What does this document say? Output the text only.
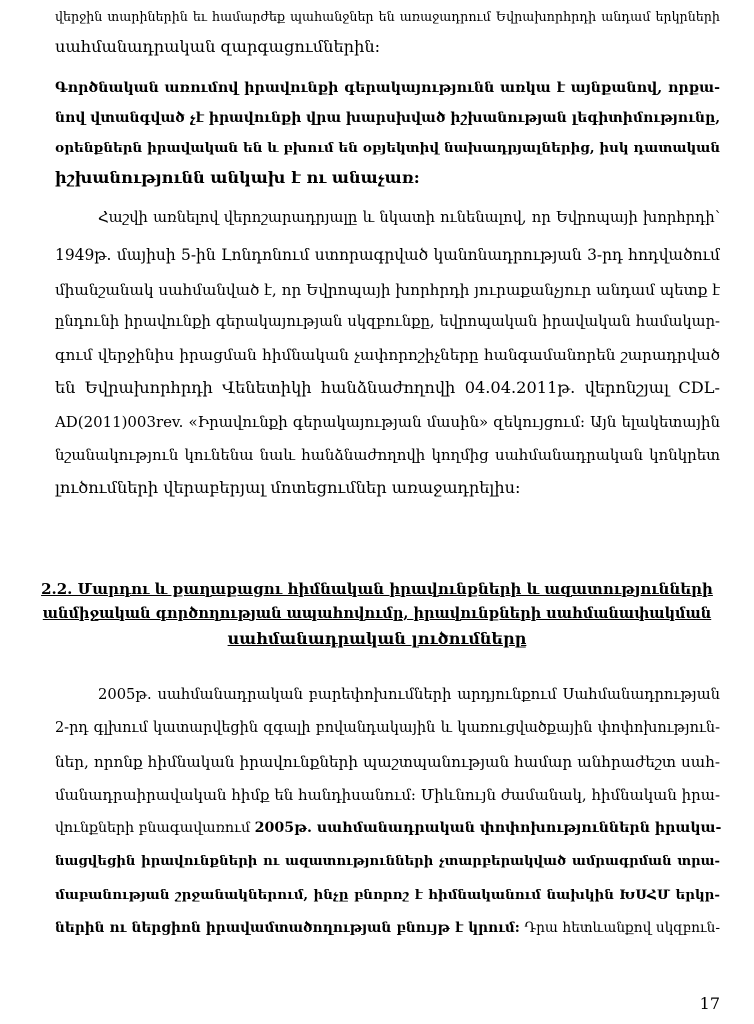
վերջին տարիներին եւ համարժեք պահանջներ են առաջադրում Եվրախորհրդի անդամ երկրների
սահմանադրական զարգացումներին:
Գործնական առումով իրավունքի գերակայությունն առկա է այնքանով, որքա-
նով վտանգված չէ իրավունքի վրա խարսխված իշխանության լեգիտիմությունը,
օրենքներն իրավական են և բխում են օբյեկտիվ նախադրյալներից, իսկ դատական
իշխանությունն անկախ է ու անաչառ:
Հաշվի առնելով վերոշարադրյալը և նկատի ունենալով, որ Եվրոպայի խորհրդի՝
1949թ. մայիսի 5-ին Լոնդոնում ստորագրված կանոնադրության 3-րդ հոդվածում
միանշանակ սահմանված է, որ Եվրոպայի խորհրդի յուրաքանչյուր անդամ պետք է
ընդունի իրավունքի գերակայության սկզբունքը, եվրոպական իրավական համակար-
գում վերջինիս իրացման հիմնական չափորոշիչները հանգամանորեն շարադրված
են Եվրախորհրդի Վենետիկի հանձնաժողովի 04.04.2011թ. վերոնշյալ CDL-
AD(2011)003rev. «Իրավունքի գերակայության մասին» զեկույցում: Այն ելակետային
նշանակություն կունենա նաև հանձնաժողովի կողմից սահմանադրական կոնկրետ
լուծումների վերաբերյալ մոտեցումներ առաջադրելիս:
2.2. Մարդու և քաղաքացու հիմնական իրավունքների և ազատությունների
անմիջական գործողության ապահովումը, իրավունքների սահմանափակման
սահմանադրական լուծումները
2005թ. սահմանադրական բարեփոխումների արդյունքում Սահմանադրության
2-րդ գլխում կատարվեցին զգալի բովանդակային և կառուցվածքային փոփոխություն-
ներ, որոնք հիմնական իրավունքների պաշտպանության համար անհրաժեշտ սահ-
մանադրաիրավական հիմք են հանդիսանում: Միևնույն ժամանակ, հիմնական իրա-
վունքների բնագավառում 2005թ. սահմանադրական փոփոխություններն իրակա-
նացվեցին իրավունքների ու ազատությունների չտարբերակված ամրագրման տրա-
մաբանության շրջանակներում, ինչը բնորոշ է հիմնականում նախկին ԽՍՀՄ երկր-
ներին ու ներցիոն իրավամտածողության բնույթ է կրում: Դրա հետևանքով սկզբուն-
17
